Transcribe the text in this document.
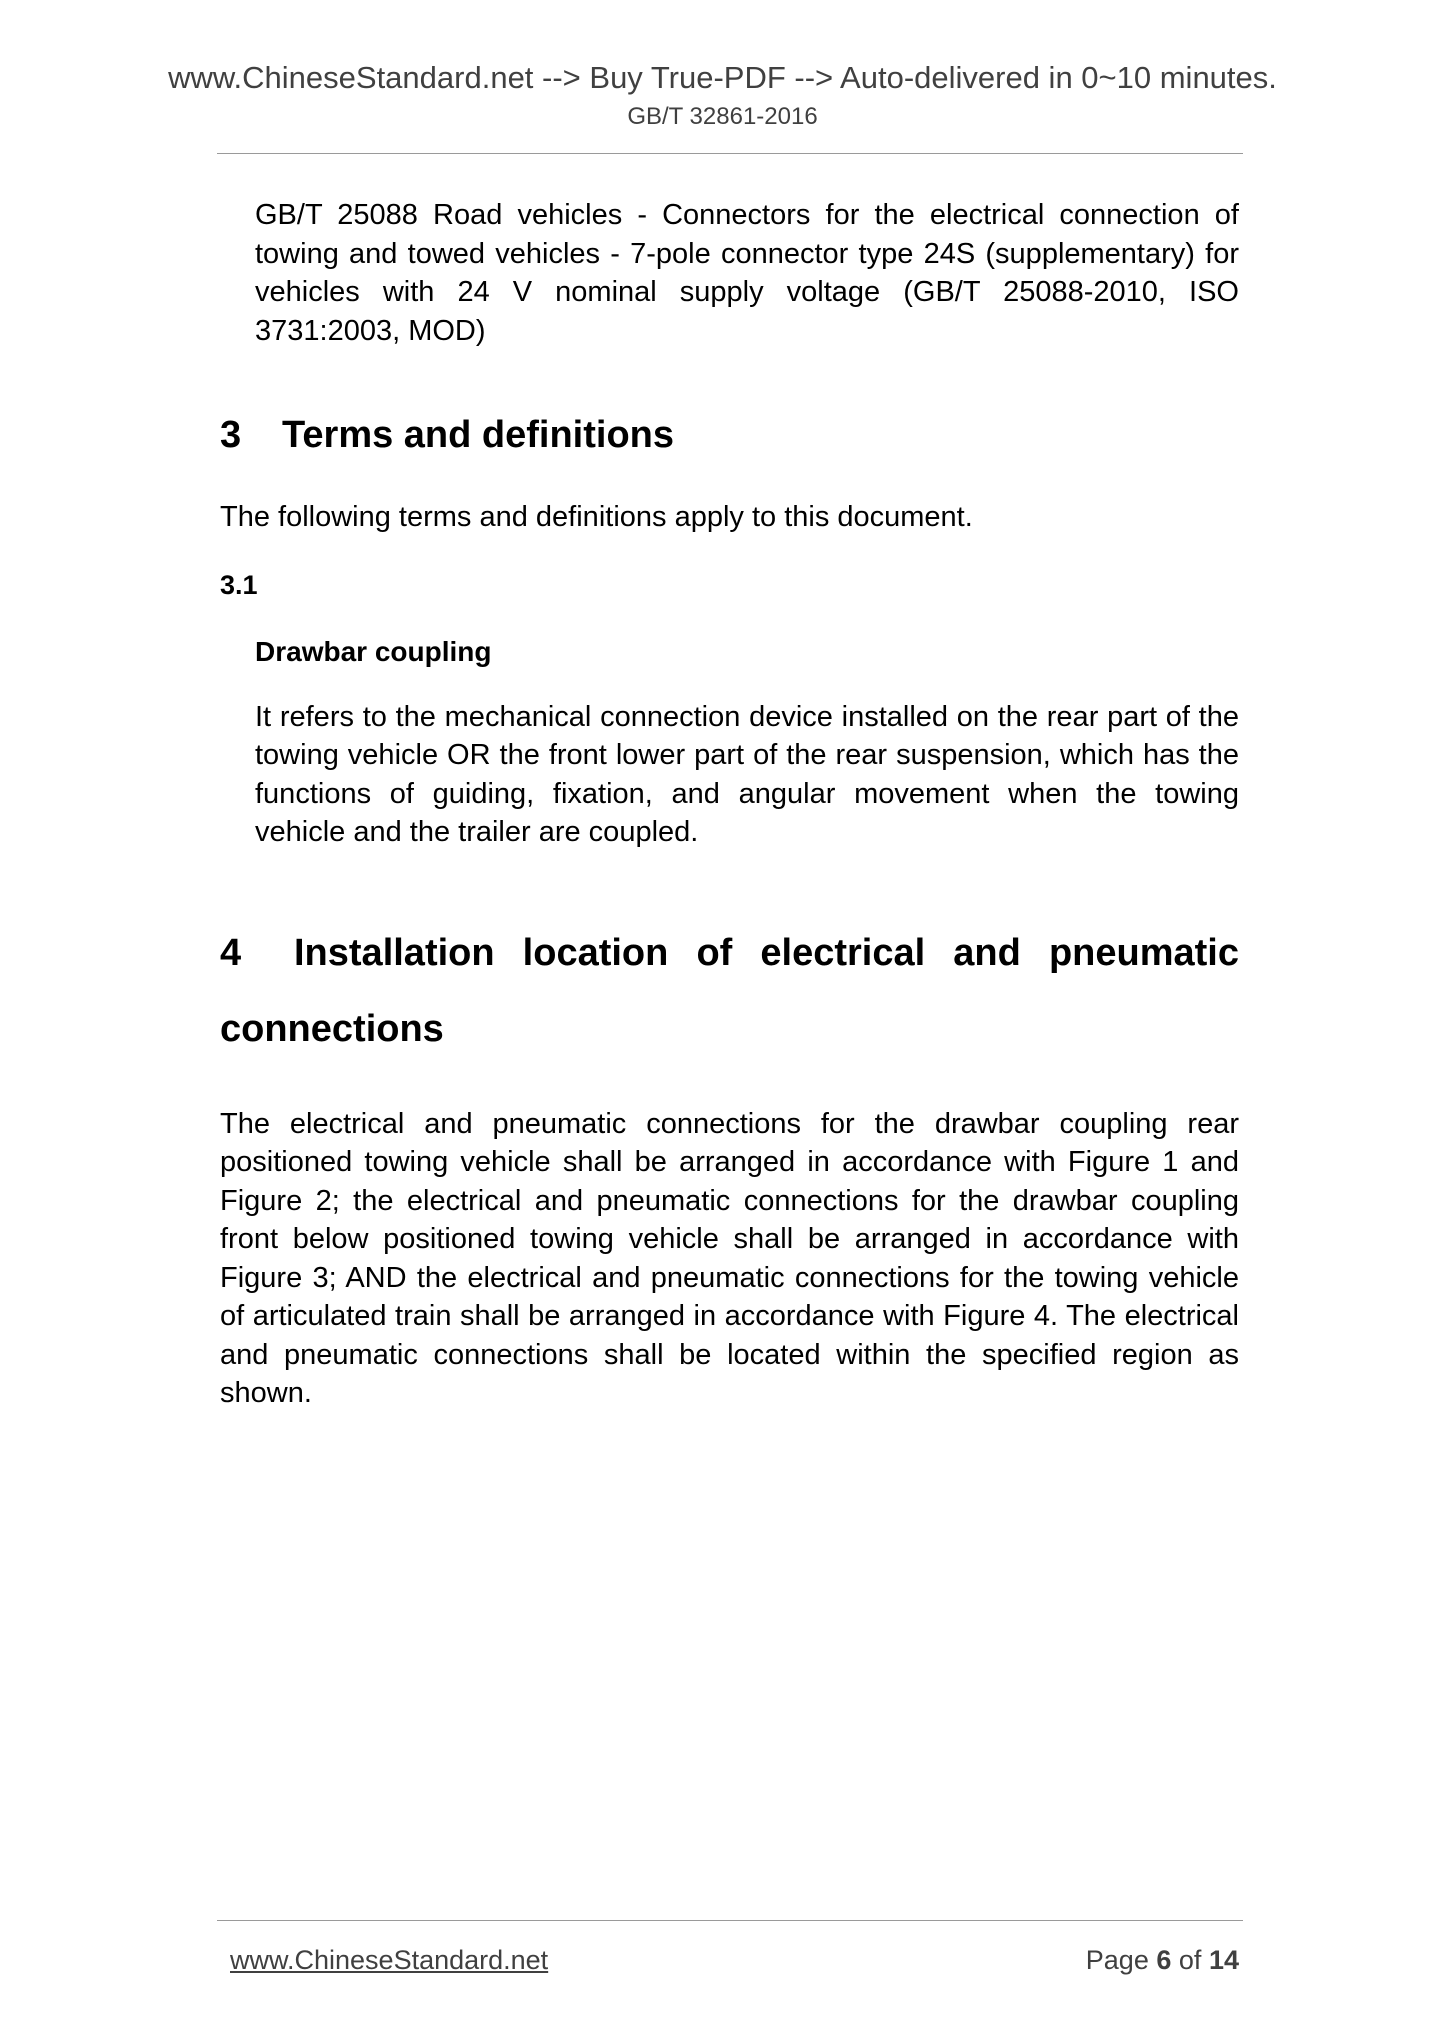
www.ChineseStandard.net --> Buy True-PDF --> Auto-delivered in 0~10 minutes.
GB/T 32861-2016

GB/T 25088 Road vehicles - Connectors for the electrical connection of towing and towed vehicles - 7-pole connector type 24S (supplementary) for vehicles with 24 V nominal supply voltage (GB/T 25088-2010, ISO 3731:2003, MOD)

3 Terms and definitions

The following terms and definitions apply to this document.

3.1

Drawbar coupling

It refers to the mechanical connection device installed on the rear part of the towing vehicle OR the front lower part of the rear suspension, which has the functions of guiding, fixation, and angular movement when the towing vehicle and the trailer are coupled.

4 Installation location of electrical and pneumatic connections

The electrical and pneumatic connections for the drawbar coupling rear positioned towing vehicle shall be arranged in accordance with Figure 1 and Figure 2; the electrical and pneumatic connections for the drawbar coupling front below positioned towing vehicle shall be arranged in accordance with Figure 3; AND the electrical and pneumatic connections for the towing vehicle of articulated train shall be arranged in accordance with Figure 4. The electrical and pneumatic connections shall be located within the specified region as shown.

www.ChineseStandard.net	Page 6 of 14
